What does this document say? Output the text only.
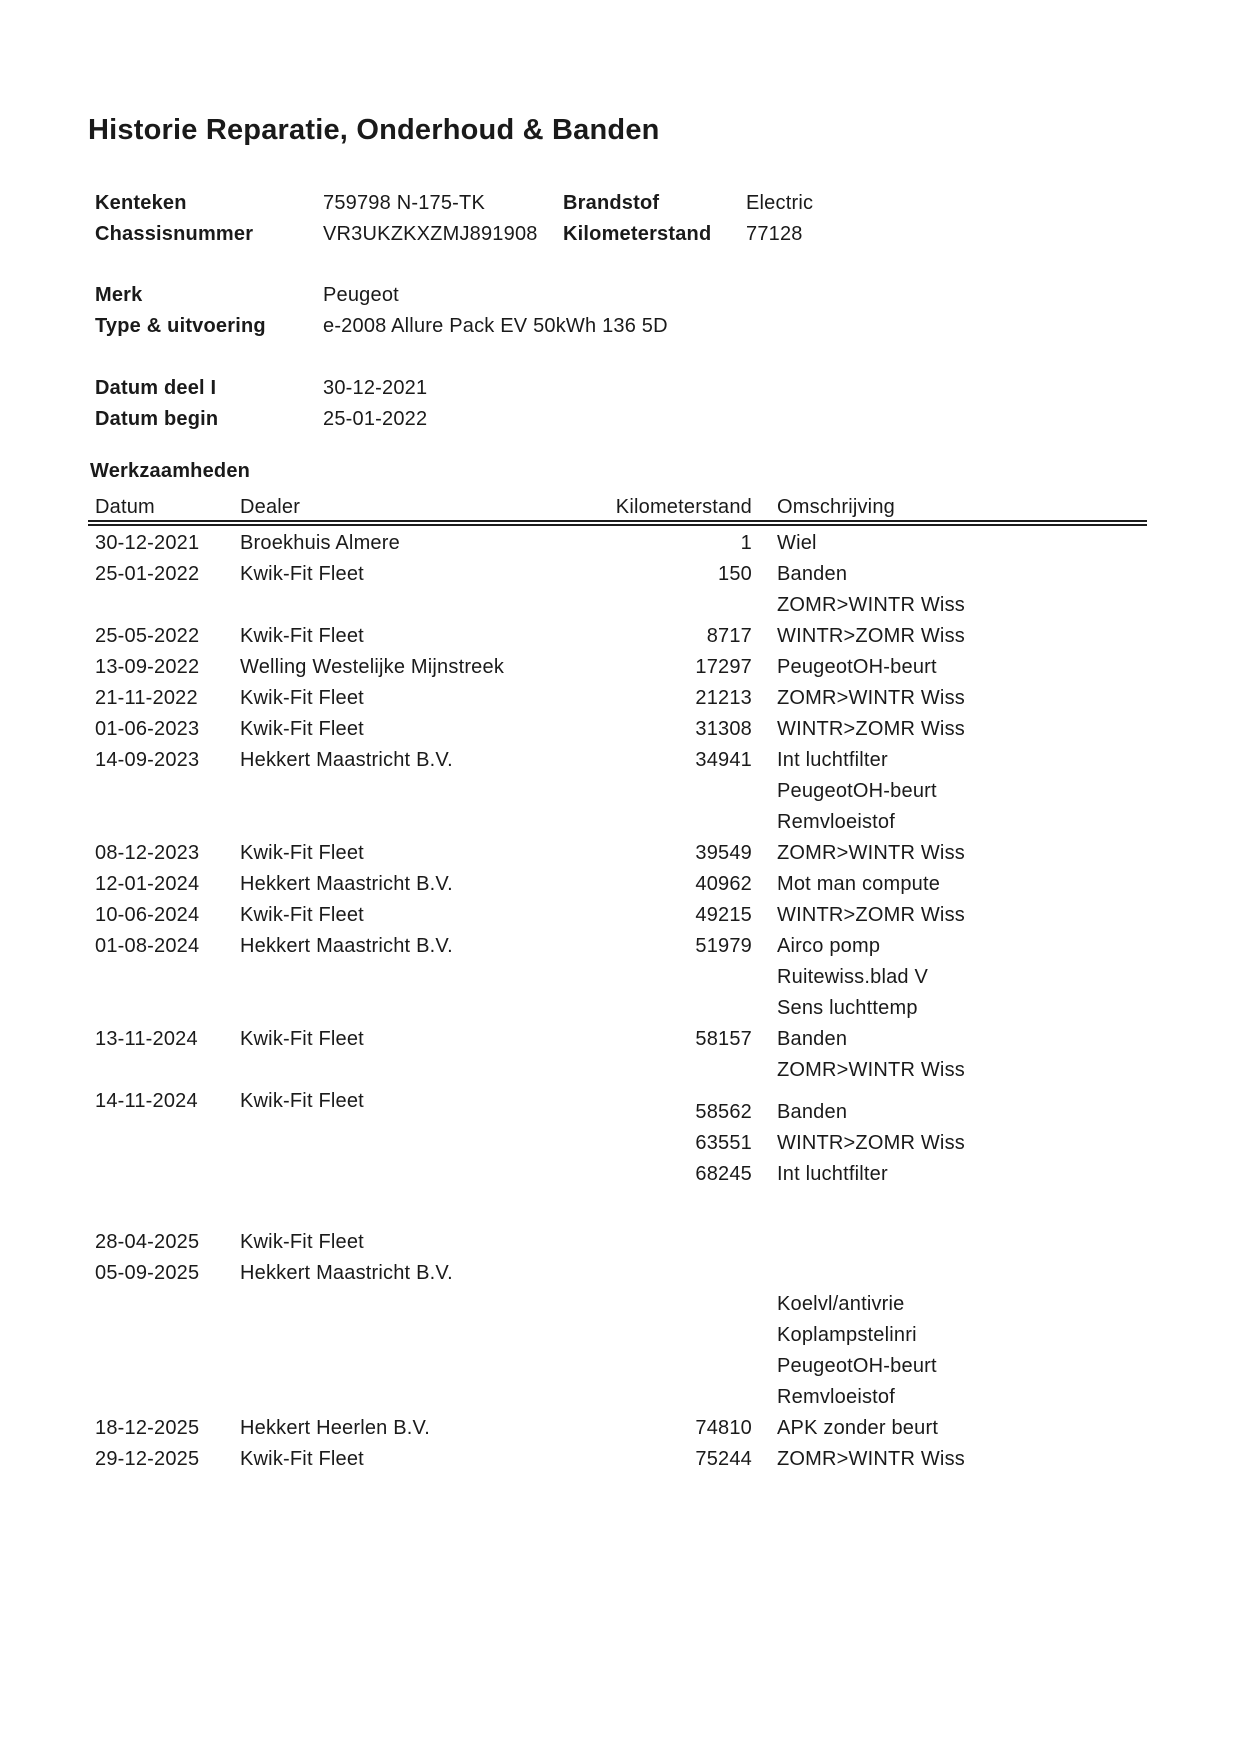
Historie Reparatie, Onderhoud & Banden
Kenteken	759798 N-175-TK	Brandstof	Electric
Chassisnummer	VR3UKZKXZMJ891908 Kilometerstand 77128
Merk	Peugeot
Type & uitvoering	e-2008 Allure Pack EV 50kWh 136 5D
Datum deel I	30-12-2021
Datum begin	25-01-2022
Werkzaamheden
Datum	Dealer	Kilometerstand Omschrijving
30-12-2021 Broekhuis Almere	1 Wiel
25-01-2022 Kwik-Fit Fleet	150 Banden
ZOMR>WINTR Wiss
25-05-2022 Kwik-Fit Fleet	8717 WINTR>ZOMR Wiss
13-09-2022 Welling Westelijke Mijnstreek	17297 PeugeotOH-beurt
21-11-2022 Kwik-Fit Fleet	21213 ZOMR>WINTR Wiss
01-06-2023 Kwik-Fit Fleet	31308 WINTR>ZOMR Wiss
14-09-2023 Hekkert Maastricht B.V.	34941 Int luchtfilter
PeugeotOH-beurt
Remvloeistof
08-12-2023 Kwik-Fit Fleet	39549 ZOMR>WINTR Wiss
12-01-2024 Hekkert Maastricht B.V.	40962 Mot man compute
10-06-2024 Kwik-Fit Fleet	49215 WINTR>ZOMR Wiss
01-08-2024 Hekkert Maastricht B.V.	51979 Airco pomp
Ruitewiss.blad V
Sens luchttemp
13-11-2024 Kwik-Fit Fleet	58157 Banden
ZOMR>WINTR Wiss
14-11-2024 Kwik-Fit Fleet	58562 Banden
63551 WINTR>ZOMR Wiss
68245 Int luchtfilter
28-04-2025 Kwik-Fit Fleet
05-09-2025 Hekkert Maastricht B.V.
Koelvl/antivrie
Koplampstelinri
PeugeotOH-beurt
Remvloeistof
18-12-2025 Hekkert Heerlen B.V.	74810 APK zonder beurt
29-12-2025 Kwik-Fit Fleet	75244 ZOMR>WINTR Wiss
